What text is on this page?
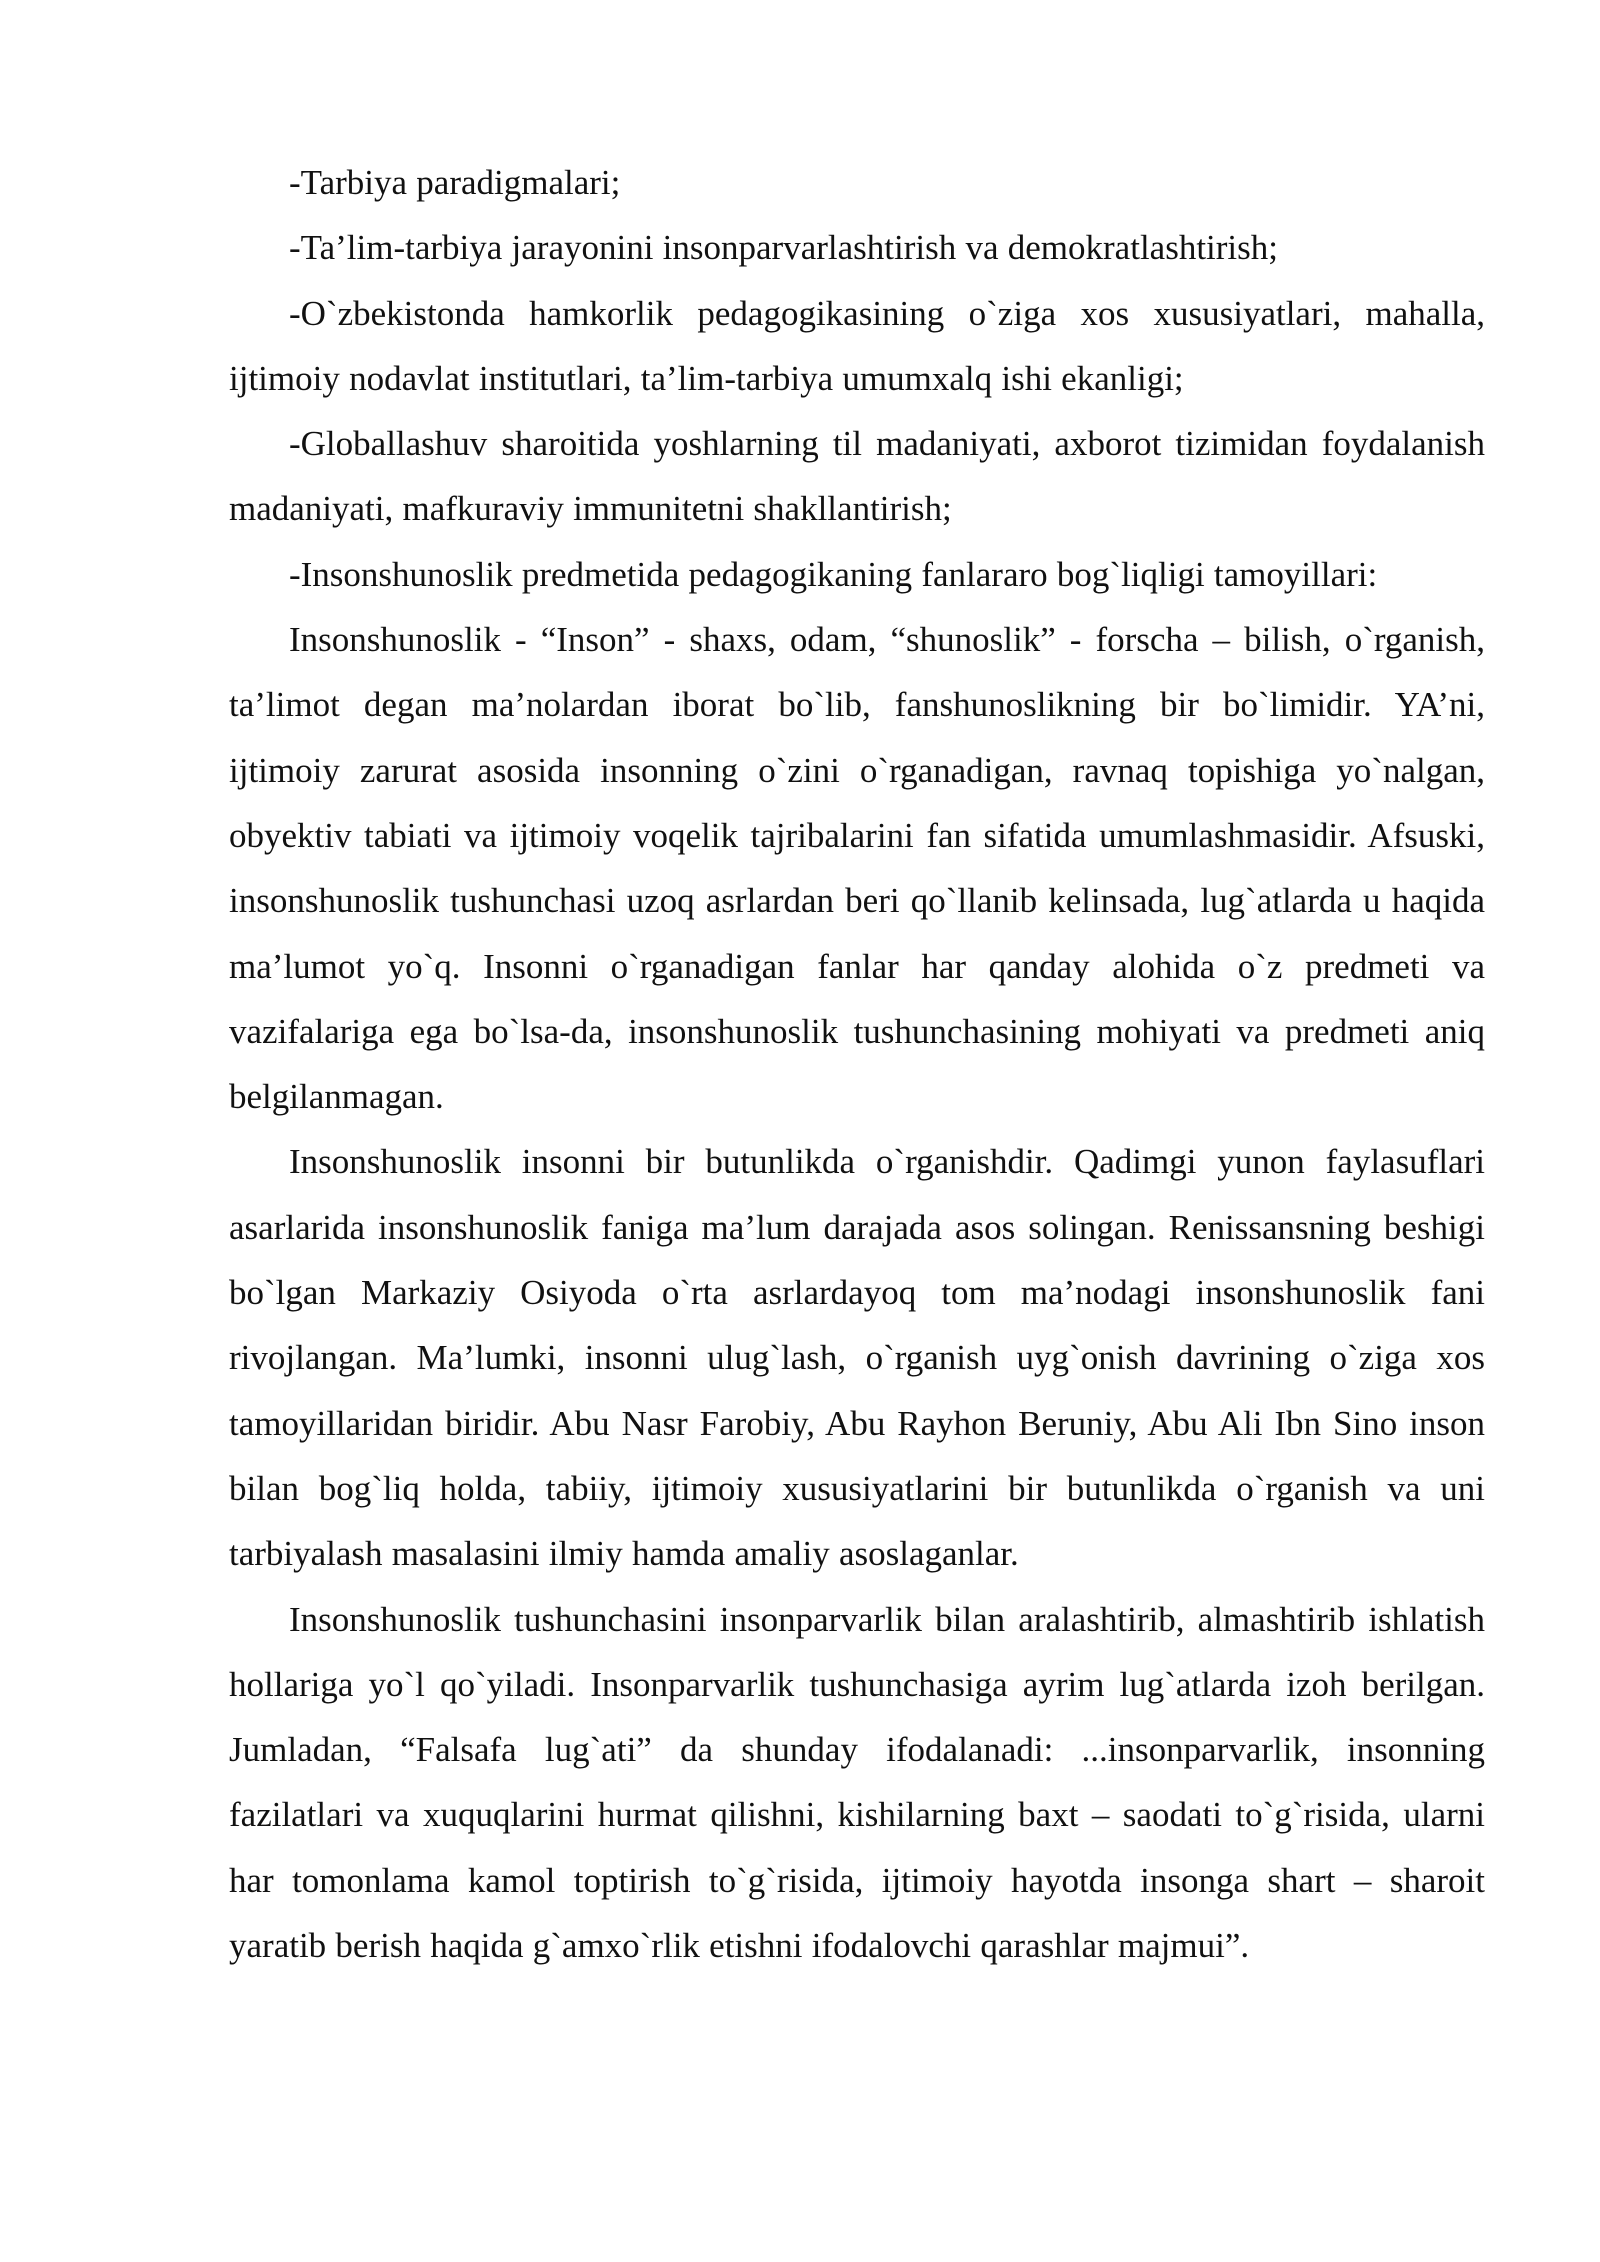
-Tarbiya paradigmalari;

-Ta’lim-tarbiya jarayonini insonparvarlashtirish va demokratlashtirish;

-O`zbekistonda hamkorlik pedagogikasining o`ziga xos xususiyatlari, mahalla, ijtimoiy nodavlat institutlari, ta’lim-tarbiya umumxalq ishi ekanligi;

-Globallashuv sharoitida yoshlarning til madaniyati, axborot tizimidan foydalanish madaniyati, mafkuraviy immunitetni shakllantirish;

-Insonshunoslik predmetida pedagogikaning fanlararo bog`liqligi tamoyillari:

Insonshunoslik - “Inson” - shaxs, odam, “shunoslik” - forscha – bilish, o`rganish, ta’limot degan ma’nolardan iborat bo`lib, fanshunoslikning bir bo`limidir. YA’ni, ijtimoiy zarurat asosida insonning o`zini o`rganadigan, ravnaq topishiga yo`nalgan, obyektiv tabiati va ijtimoiy voqelik tajribalarini fan sifatida umumlashmasidir. Afsuski, insonshunoslik tushunchasi uzoq asrlardan beri qo`llanib kelinsada, lug`atlarda u haqida ma’lumot yo`q. Insonni o`rganadigan fanlar har qanday alohida o`z predmeti va vazifalariga ega bo`lsa-da, insonshunoslik tushunchasining mohiyati va predmeti aniq belgilanmagan.

Insonshunoslik insonni bir butunlikda o`rganishdir. Qadimgi yunon faylasuflari asarlarida insonshunoslik faniga ma’lum darajada asos solingan. Renissansning beshigi bo`lgan Markaziy Osiyoda o`rta asrlardayoq tom ma’nodagi insonshunoslik fani rivojlangan. Ma’lumki, insonni ulug`lash, o`rganish uyg`onish davrining o`ziga xos tamoyillaridan biridir. Abu Nasr Farobiy, Abu Rayhon Beruniy, Abu Ali Ibn Sino inson bilan bog`liq holda, tabiiy, ijtimoiy xususiyatlarini bir butunlikda o`rganish va uni tarbiyalash masalasini ilmiy hamda amaliy asoslaganlar.

Insonshunoslik tushunchasini insonparvarlik bilan aralashtirib, almashtirib ishlatish hollariga yo`l qo`yiladi. Insonparvarlik tushunchasiga ayrim lug`atlarda izoh berilgan. Jumladan, “Falsafa lug`ati” da shunday ifodalanadi: ...insonparvarlik, insonning fazilatlari va xuquqlarini hurmat qilishni, kishilarning baxt – saodati to`g`risida, ularni har tomonlama kamol toptirish to`g`risida, ijtimoiy hayotda insonga shart – sharoit yaratib berish haqida g`amxo`rlik etishni ifodalovchi qarashlar majmui”.
